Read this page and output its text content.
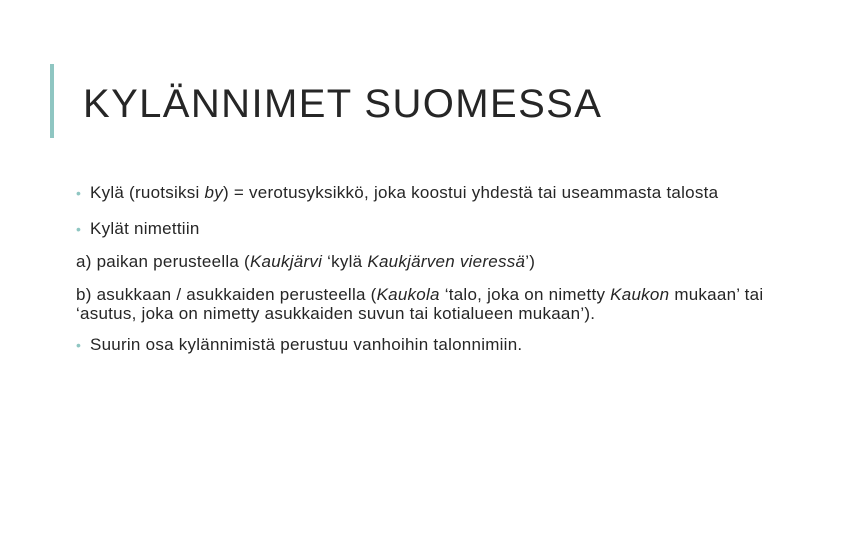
KYLÄNNIMET SUOMESSA

• Kylä (ruotsiksi by) = verotusyksikkö, joka koostui yhdestä tai useammasta talosta

• Kylät nimettiin

a) paikan perusteella (Kaukjärvi ‘kylä Kaukjärven vieressä’)

b) asukkaan / asukkaiden perusteella (Kaukola ‘talo, joka on nimetty Kaukon mukaan’ tai ‘asutus, joka on nimetty asukkaiden suvun tai kotialueen mukaan’).

• Suurin osa kylännimistä perustuu vanhoihin talonnimiin.
